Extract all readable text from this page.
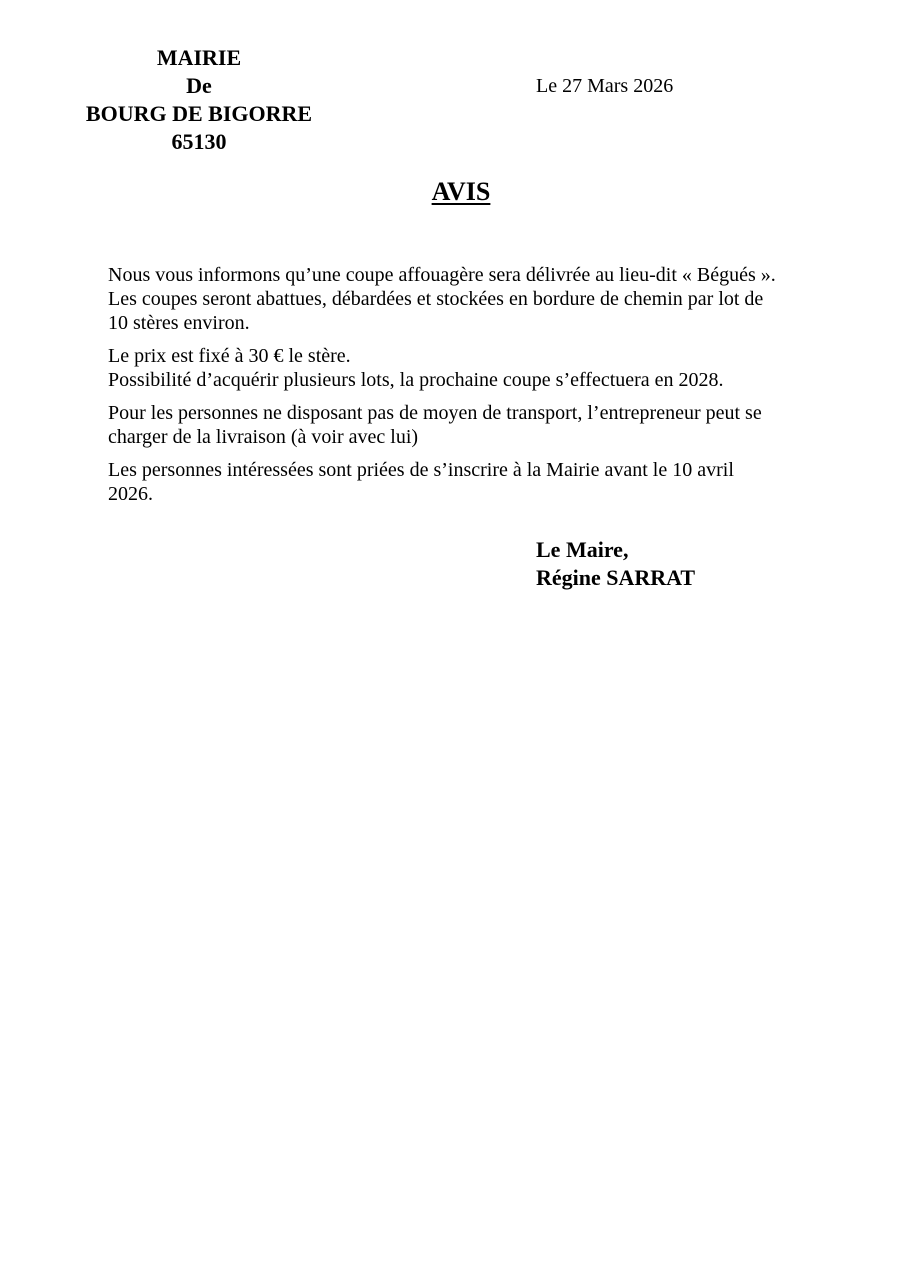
MAIRIE
De
BOURG DE BIGORRE
65130
Le 27 Mars 2026
AVIS

Nous vous informons qu’une coupe affouagère sera délivrée au lieu-dit « Bégués ».
Les coupes seront abattues, débardées et stockées en bordure de chemin par lot de
10 stères environ.

Le prix est fixé à 30 € le stère.
Possibilité d’acquérir plusieurs lots, la prochaine coupe s’effectuera en 2028.

Pour les personnes ne disposant pas de moyen de transport, l’entrepreneur peut se
charger de la livraison (à voir avec lui)

Les personnes intéressées sont priées de s’inscrire à la Mairie avant le 10 avril
2026.

Le Maire,
Régine SARRAT
